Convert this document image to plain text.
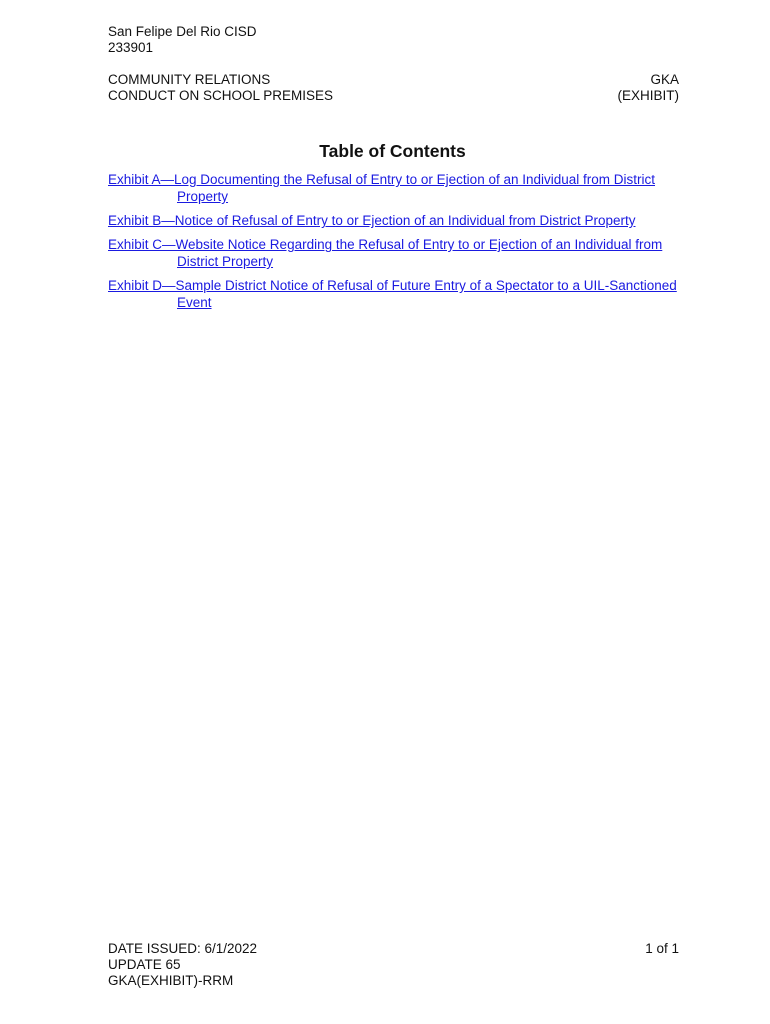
San Felipe Del Rio CISD
233901
COMMUNITY RELATIONS
CONDUCT ON SCHOOL PREMISES
GKA
(EXHIBIT)
Table of Contents
Exhibit A—Log Documenting the Refusal of Entry to or Ejection of an Individual from District Property
Exhibit B—Notice of Refusal of Entry to or Ejection of an Individual from District Property
Exhibit C—Website Notice Regarding the Refusal of Entry to or Ejection of an Individual from District Property
Exhibit D—Sample District Notice of Refusal of Future Entry of a Spectator to a UIL-Sanctioned Event
DATE ISSUED: 6/1/2022
UPDATE 65
GKA(EXHIBIT)-RRM
1 of 1
